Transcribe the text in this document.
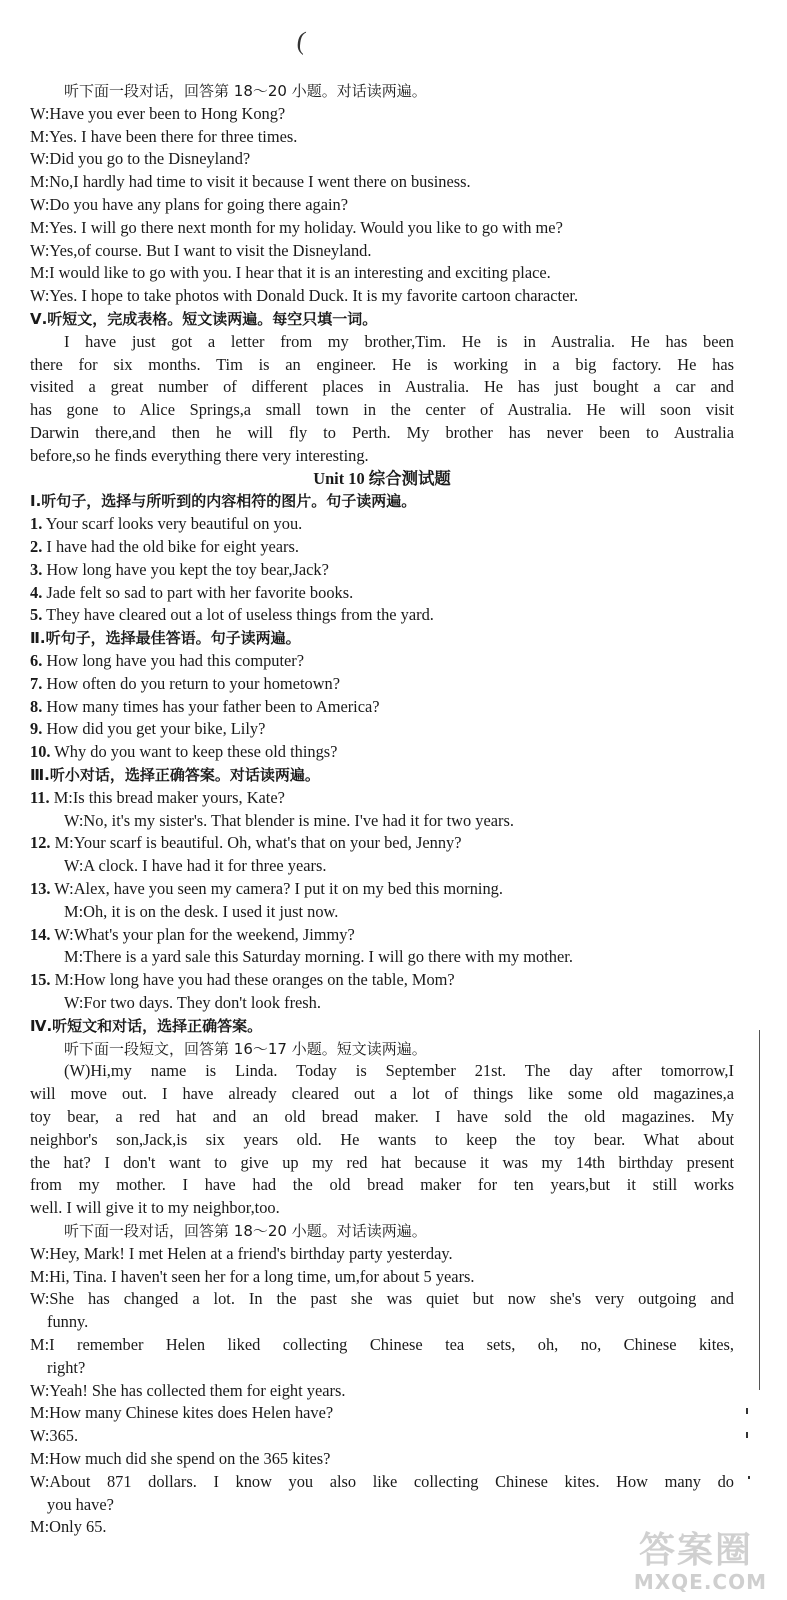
(
听下面一段对话，回答第 18～20 小题。对话读两遍。
W:Have you ever been to Hong Kong?
M:Yes. I have been there for three times.
W:Did you go to the Disneyland?
M:No,I hardly had time to visit it because I went there on business.
W:Do you have any plans for going there again?
M:Yes. I will go there next month for my holiday. Would you like to go with me?
W:Yes,of course. But I want to visit the Disneyland.
M:I would like to go with you. I hear that it is an interesting and exciting place.
W:Yes. I hope to take photos with Donald Duck. It is my favorite cartoon character.
Ⅴ.听短文，完成表格。短文读两遍。每空只填一词。
I have just got a letter from my brother,Tim. He is in Australia. He has been
there for six months. Tim is an engineer. He is working in a big factory. He has
visited a great number of different places in Australia. He has just bought a car and
has gone to Alice Springs,a small town in the center of Australia. He will soon visit
Darwin there,and then he will fly to Perth. My brother has never been to Australia
before,so he finds everything there very interesting.
Unit 10 综合测试题
Ⅰ.听句子，选择与所听到的内容相符的图片。句子读两遍。
1. Your scarf looks very beautiful on you.
2. I have had the old bike for eight years.
3. How long have you kept the toy bear,Jack?
4. Jade felt so sad to part with her favorite books.
5. They have cleared out a lot of useless things from the yard.
Ⅱ.听句子，选择最佳答语。句子读两遍。
6. How long have you had this computer?
7. How often do you return to your hometown?
8. How many times has your father been to America?
9. How did you get your bike, Lily?
10. Why do you want to keep these old things?
Ⅲ.听小对话，选择正确答案。对话读两遍。
11. M:Is this bread maker yours, Kate?
W:No, it's my sister's. That blender is mine. I've had it for two years.
12. M:Your scarf is beautiful. Oh, what's that on your bed, Jenny?
W:A clock. I have had it for three years.
13. W:Alex, have you seen my camera? I put it on my bed this morning.
M:Oh, it is on the desk. I used it just now.
14. W:What's your plan for the weekend, Jimmy?
M:There is a yard sale this Saturday morning. I will go there with my mother.
15. M:How long have you had these oranges on the table, Mom?
W:For two days. They don't look fresh.
Ⅳ.听短文和对话，选择正确答案。
听下面一段短文，回答第 16～17 小题。短文读两遍。
(W)Hi,my name is Linda. Today is September 21st. The day after tomorrow,I
will move out. I have already cleared out a lot of things like some old magazines,a
toy bear, a red hat and an old bread maker. I have sold the old magazines. My
neighbor's son,Jack,is six years old. He wants to keep the toy bear. What about
the hat? I don't want to give up my red hat because it was my 14th birthday present
from my mother. I have had the old bread maker for ten years,but it still works
well. I will give it to my neighbor,too.
听下面一段对话，回答第 18～20 小题。对话读两遍。
W:Hey, Mark! I met Helen at a friend's birthday party yesterday.
M:Hi, Tina. I haven't seen her for a long time, um,for about 5 years.
W:She has changed a lot. In the past she was quiet but now she's very outgoing and
funny.
M:I remember Helen liked collecting Chinese tea sets, oh, no, Chinese kites,
right?
W:Yeah! She has collected them for eight years.
M:How many Chinese kites does Helen have?
W:365.
M:How much did she spend on the 365 kites?
W:About 871 dollars. I know you also like collecting Chinese kites. How many do
you have?
M:Only 65.
答案圈
MXQE.COM
